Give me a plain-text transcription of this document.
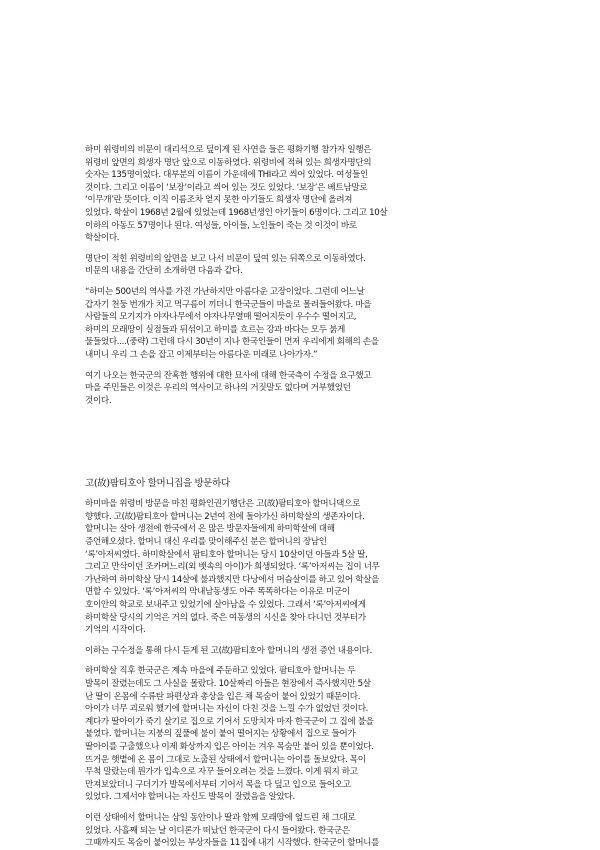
하미 위령비의 비문이 대리석으로 덮이게 된 사연을 들은 평화기행 참가자 일행은
위령비 앞면의 희생자 명단 앞으로 이동하였다. 위령비에 적혀 있는 희생자명단의
숫자는 135명이었다. 대부분의 이름이 가운데에 THI라고 씌어 있었다. 여성들인
것이다. 그리고 이름이 ‘보장’이라고 씌어 있는 것도 있었다. ‘보장’은 베트남말로
‘이무개’란 뜻이다. 이직 이름조차 얻지 못한 아기들도 희생자 명단에 올려져
있었다. 학살이 1968년 2월에 있었는데 1968년생인 아기들이 6명이다. 그리고 10살
이하의 아동도 57명이나 된다. 여성들, 아이들, 노인들이 죽는 것 이것이 바로
학살이다.
명단이 적힌 위령비의 앞면을 보고 나서 비문이 덮여 있는 뒤쪽으로 이동하였다.
비문의 내용을 간단히 소개하면 다음과 같다.
“하미는 500년의 역사를 가진 가난하지만 아름다운 고장이었다. 그런데 어느날
갑자기 천둥 번개가 치고 먹구름이 끼더니 한국군들이 마을로 몰려들어왔다. 마을
사람들의 모기지가 야자나무에서 야자나무열매 떨어지듯이 우수수 떨어지고,
하미의 모래땅이 실점들과 뒤섞이고 하미를 흐르는 강과 바다는 모두 붉게
물들었다....(중략) 그런데 다시 30년이 지나 한국인들이 먼저 우리에게 회해의 손을
내미니 우리 그 손을 잡고 이제부터는 아름다운 미래로 나아가자.”
여기 나오는 한국군의 잔혹한 행위에 대한 묘사에 대해 한국측이 수정을 요구했고
마을 주민들은 이것은 우리의 역사이고 하나의 거짓말도 없다며 거부했었던
것이다.
고(故)팜티호아 할머니집을 방문하다
하미마을 위령비 방문을 마친 평화인권기행단은 고(故)팜티호아 할머니댁으로
향했다. 고(故)팜티호아 할머니는 2년여 전에 돌아가신 하미학살의 생존자이다.
할머니는 살아 생전에 한국에서 온 많은 방문자들에게 하미학살에 대해
증언해오셨다. 할머니 대신 우리를 맞이해주신 분은 할머니의 장남인
‘록’아저씨였다. 하미학살에서 팜티호아 할머니는 당시 10살이던 아들과 5살 딸,
그리고 만삭이던 조카며느리(외 뱃속의 아이)가 희생되었다. ‘록’아저씨는 집이 너무
가난하여 하미학살 당시 14살에 불과했지만 다낭에서 머슴살이를 하고 있어 학살을
면할 수 있었다. ‘록’아저씨의 막내남동생도 아주 똑똑하다는 이유로 미군이
호이안의 학교로 보내주고 있었기에 살아남을 수 있었다. 그래서 ‘록’아저씨에게
하미학살 당시의 기억은 거의 없다. 죽은 여동생의 시신을 찾아 다니던 것부터가
기억의 시작이다.
이하는 구수정을 통해 다시 듣게 된 고(故)팜티호아 할머니의 생전 증언 내용이다.
하미학살 직후 한국군은 계속 마을에 주둔하고 있었다. 팜티호아 할머니는 두
발목이 잘렸는데도 그 사실을 몰랐다. 10살짜리 아들은 현장에서 즉사했지만 5살
난 딸이 온몸에 수류탄 파편상과 총상을 입은 채 목숨이 붙어 있었기 때문이다.
아이가 너무 괴로워 했기에 할머니는 자신이 다친 것을 느낄 수가 없었던 것이다.
계다가 딸아이가 죽기 살기로 집으로 기어서 도망치자 마자 한국군이 그 집에 불을
붙였다. 할머니는 지붕의 짚풀에 불이 붙어 떨어지는 상황에서 집으로 들어가
딸아이를 구출했으나 이제 화상까지 입은 아이는 겨우 목숨만 붙어 있을 뿐이었다.
뜨거운 햇볕에 온 몸이 그대로 노출된 상태에서 할머니는 아이를 돌보았다. 목이
무척 말랐는데 뭔가가 입속으로 자꾸 들어오려는 것을 느꼈다. 이게 뭐지 하고
만져보았더니 구더기가 발목에서부터 기어서 목을 다 덮고 입으로 들어오고
있었다. 그제서야 할머니는 자신도 발목이 잘렸음을 알았다.
이런 상태에서 할머니는 삼일 동안이나 딸과 함께 모래땅에 엎드린 채 그대로
있었다. 사흘째 되는 날 이디론가 떠났던 한국군이 다시 들어왔다. 한국군은
그때까지도 목숨이 붙어있는 부상자들을 11집에 내기 시작했다. 한국군이 할머니를
